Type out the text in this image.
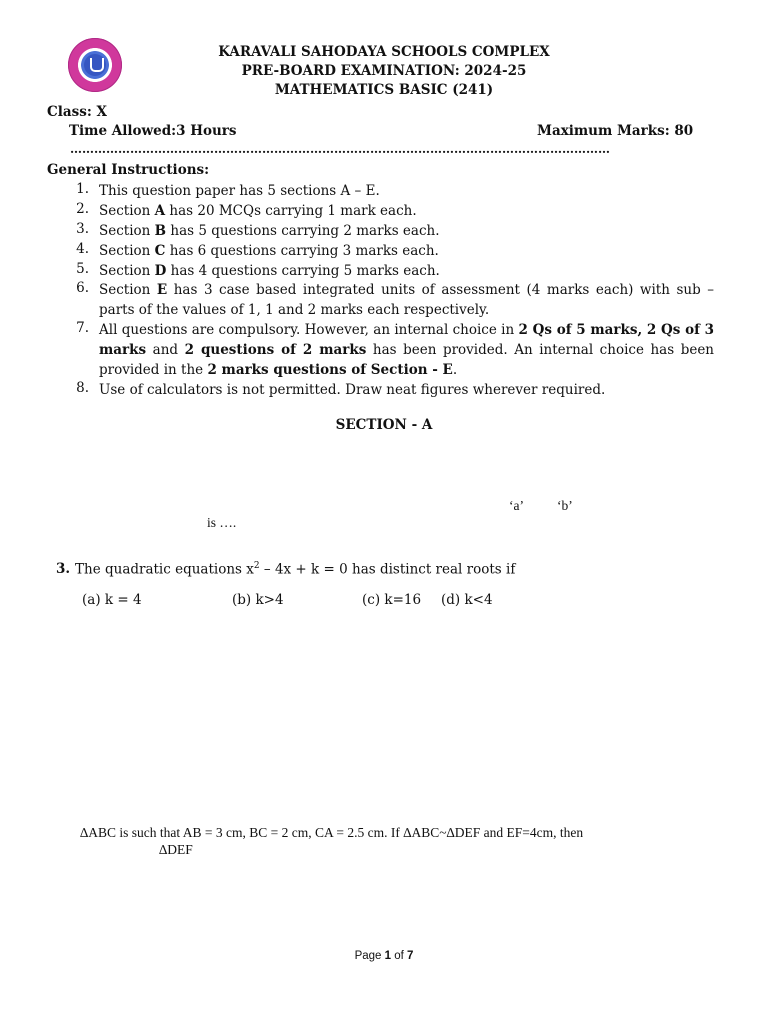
KARAVALI SAHODAYA SCHOOLS COMPLEX
PRE-BOARD EXAMINATION: 2024-25
MATHEMATICS BASIC (241)
Class: X
Time Allowed:3 Hours	Maximum Marks: 80
………………………………………………………………………………………………………………………
General Instructions:
1. This question paper has 5 sections A – E.
2. Section A has 20 MCQs carrying 1 mark each.
3. Section B has 5 questions carrying 2 marks each.
4. Section C has 6 questions carrying 3 marks each.
5. Section D has 4 questions carrying 5 marks each.
6. Section E has 3 case based integrated units of assessment (4 marks each) with sub – parts of the values of 1, 1 and 2 marks each respectively.
7. All questions are compulsory. However, an internal choice in 2 Qs of 5 marks, 2 Qs of 3 marks and 2 questions of 2 marks has been provided. An internal choice has been provided in the 2 marks questions of Section - E.
8. Use of calculators is not permitted. Draw neat figures wherever required.
SECTION - A
‘a’ ‘b’
is ….
3. The quadratic equations $x^2 - 4x + k = 0$ has distinct real roots if
(a) k = 4	(b) k>4	(c) k=16 (d) k<4
∆ABC is such that AB = 3 cm, BC = 2 cm, CA = 2.5 cm. If ∆ABC~∆DEF and EF=4cm, then
∆DEF
Page 1 of 7
